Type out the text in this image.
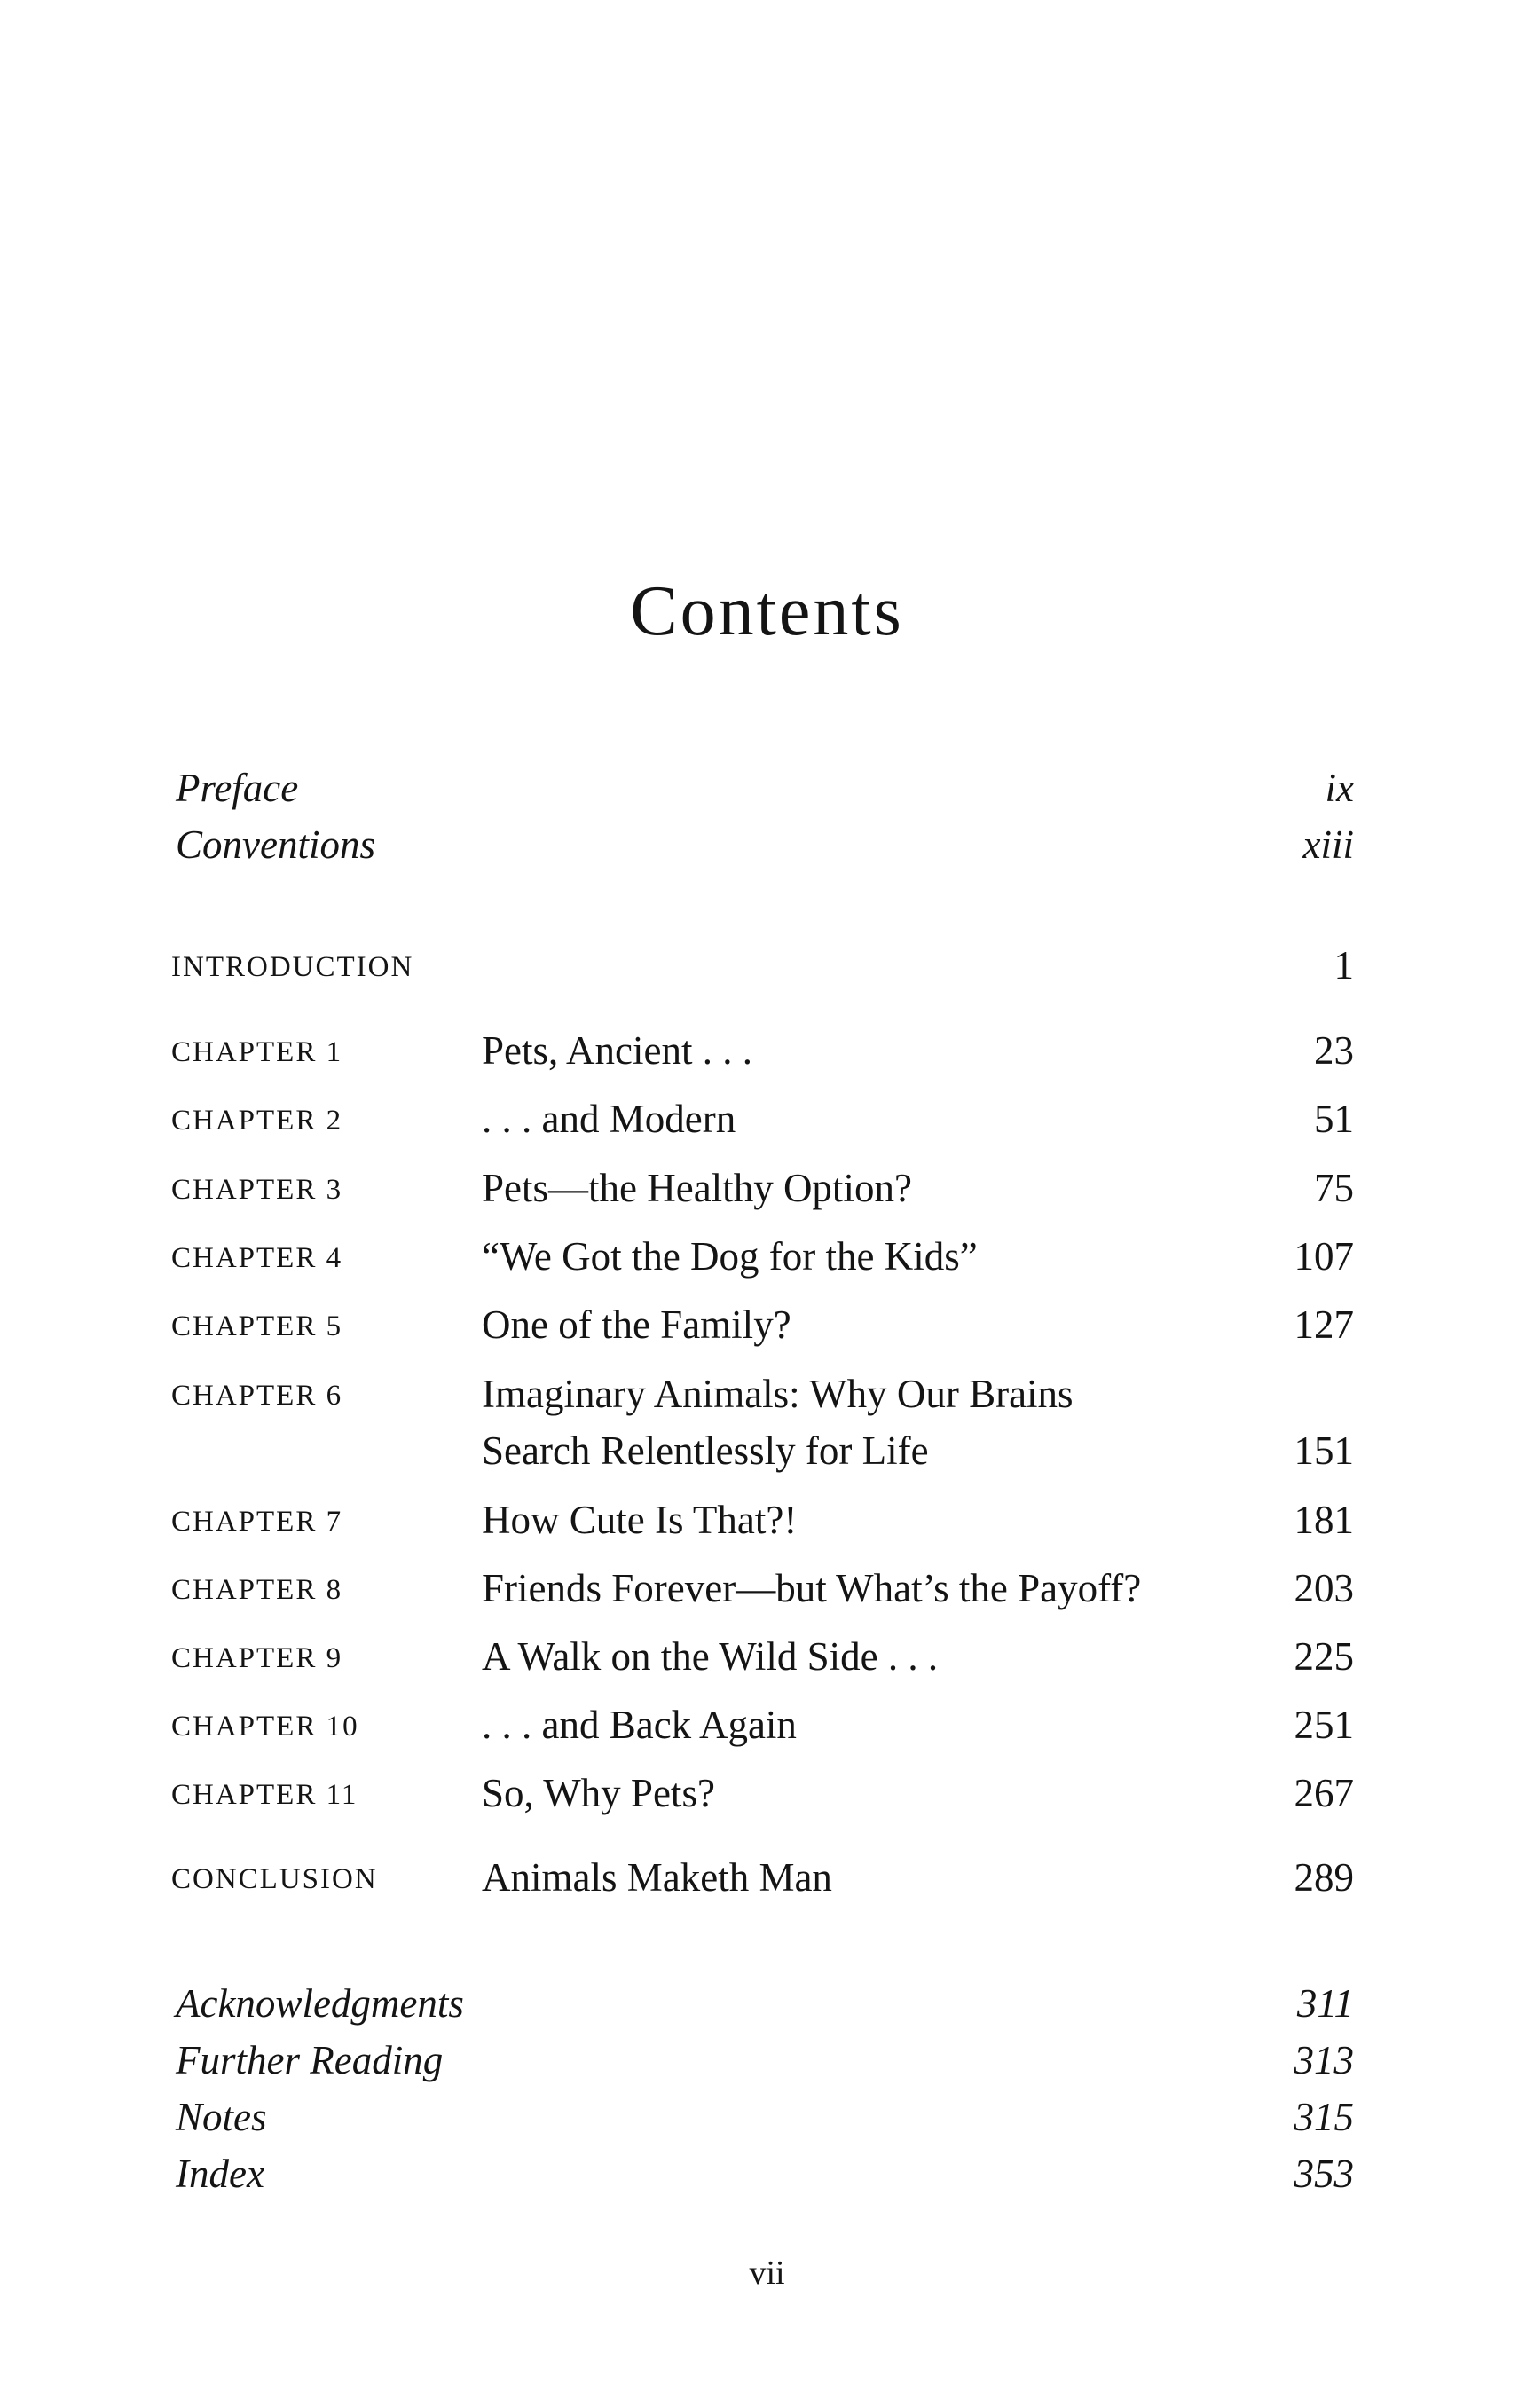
Contents
Preface	ix
Conventions	xiii
INTRODUCTION	1
CHAPTER 1	Pets, Ancient . . .	23
CHAPTER 2	. . . and Modern	51
CHAPTER 3	Pets—the Healthy Option?	75
CHAPTER 4	“We Got the Dog for the Kids”	107
CHAPTER 5	One of the Family?	127
CHAPTER 6	Imaginary Animals: Why Our Brains
Search Relentlessly for Life	151
CHAPTER 7	How Cute Is That?!	181
CHAPTER 8	Friends Forever—but What’s the Payoff?	203
CHAPTER 9	A Walk on the Wild Side . . .	225
CHAPTER 10	. . . and Back Again	251
CHAPTER 11	So, Why Pets?	267
CONCLUSION	Animals Maketh Man	289
Acknowledgments	311
Further Reading	313
Notes	315
Index	353
vii
